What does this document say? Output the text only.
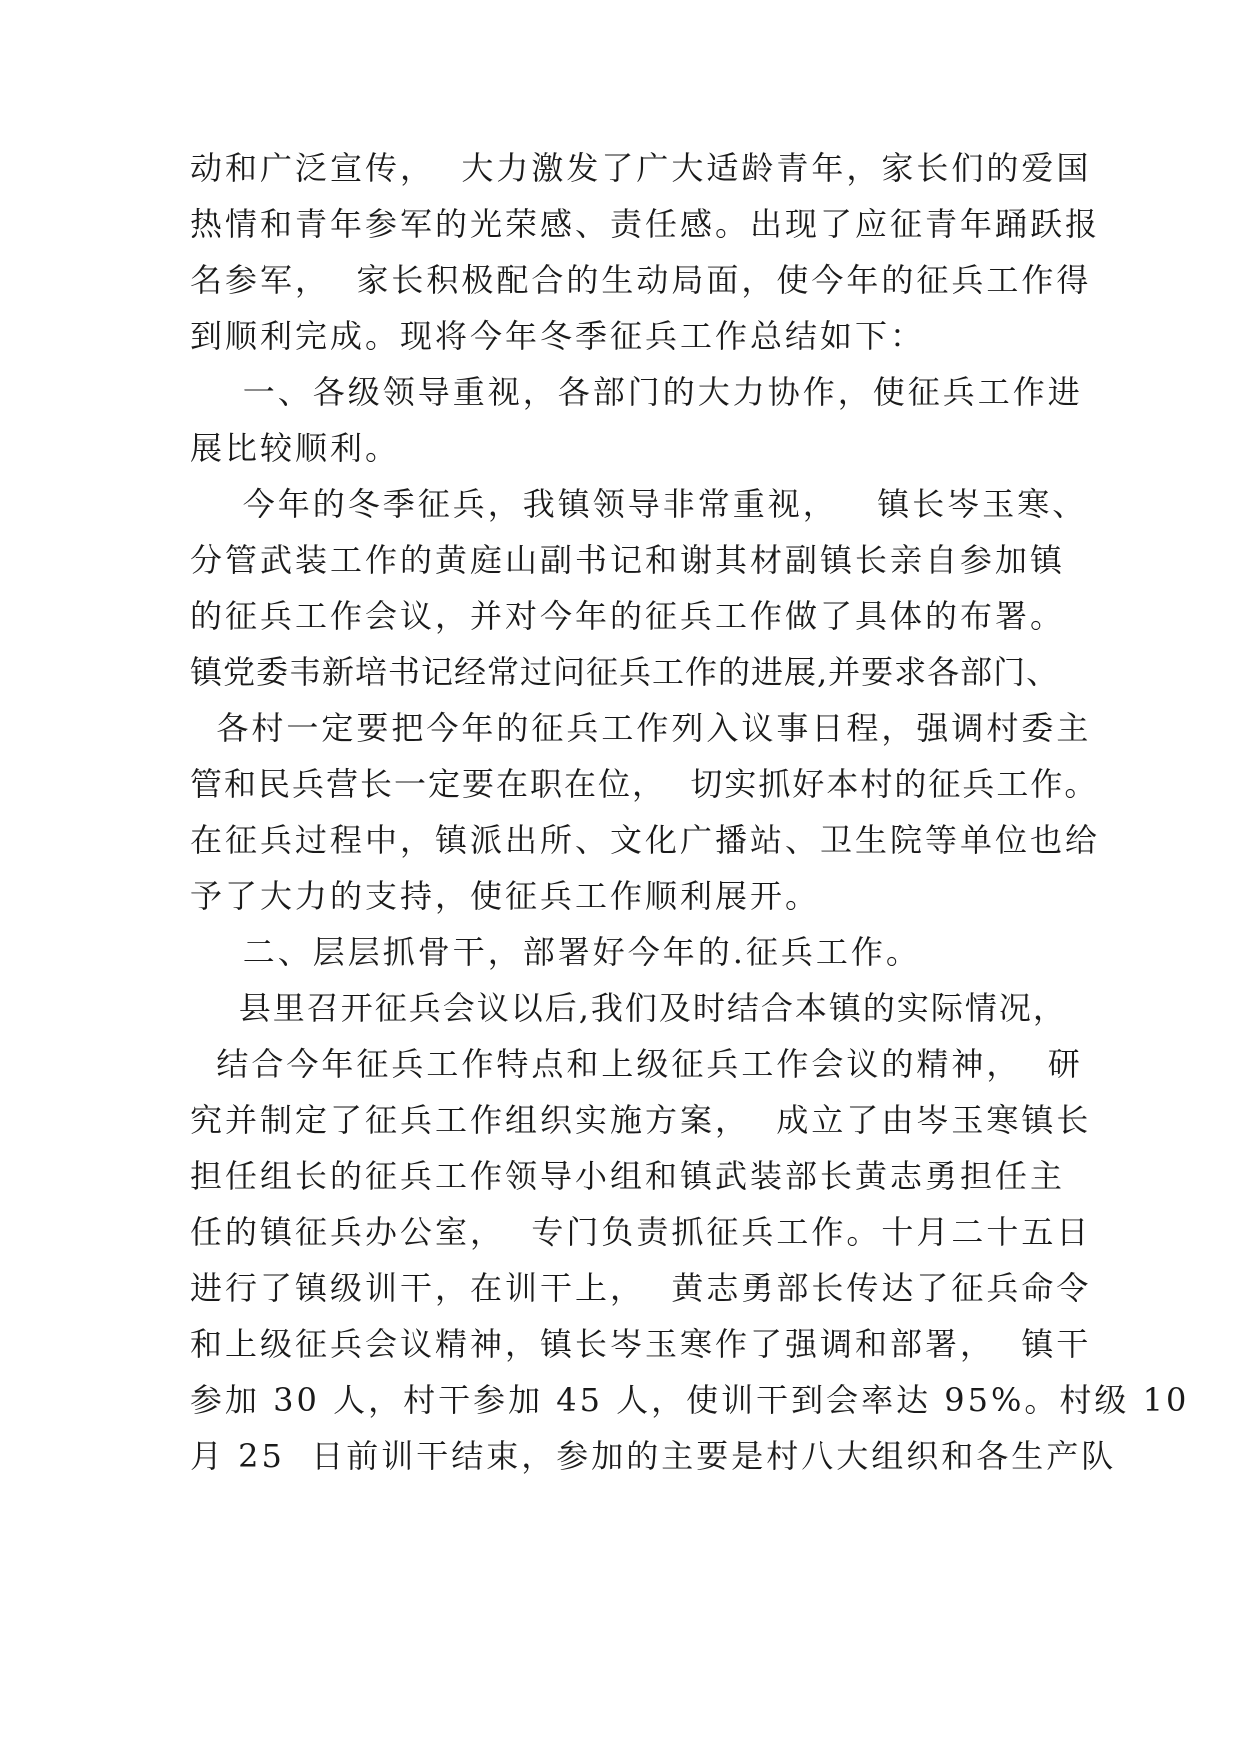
动和广泛宣传，  大力激发了广大适龄青年，家长们的爱国
热情和青年参军的光荣感、责任感。出现了应征青年踊跃报
名参军，  家长积极配合的生动局面，使今年的征兵工作得
到顺利完成。现将今年冬季征兵工作总结如下：
一、各级领导重视，各部门的大力协作，使征兵工作进
展比较顺利。
今年的冬季征兵，我镇领导非常重视，   镇长岑玉寒、
分管武装工作的黄庭山副书记和谢其材副镇长亲自参加镇
的征兵工作会议，并对今年的征兵工作做了具体的布署。
镇党委韦新培书记经常过问征兵工作的进展,并要求各部门、
各村一定要把今年的征兵工作列入议事日程，强调村委主
管和民兵营长一定要在职在位，  切实抓好本村的征兵工作。
在征兵过程中，镇派出所、文化广播站、卫生院等单位也给
予了大力的支持，使征兵工作顺利展开。
二、层层抓骨干，部署好今年的.征兵工作。
县里召开征兵会议以后,我们及时结合本镇的实际情况，
结合今年征兵工作特点和上级征兵工作会议的精神，  研
究并制定了征兵工作组织实施方案，  成立了由岑玉寒镇长
担任组长的征兵工作领导小组和镇武装部长黄志勇担任主
任的镇征兵办公室，  专门负责抓征兵工作。十月二十五日
进行了镇级训干，在训干上，  黄志勇部长传达了征兵命令
和上级征兵会议精神，镇长岑玉寒作了强调和部署，  镇干
参加 30 人，村干参加 45 人，使训干到会率达 95%。村级 10
月 25  日前训干结束，参加的主要是村八大组织和各生产队
